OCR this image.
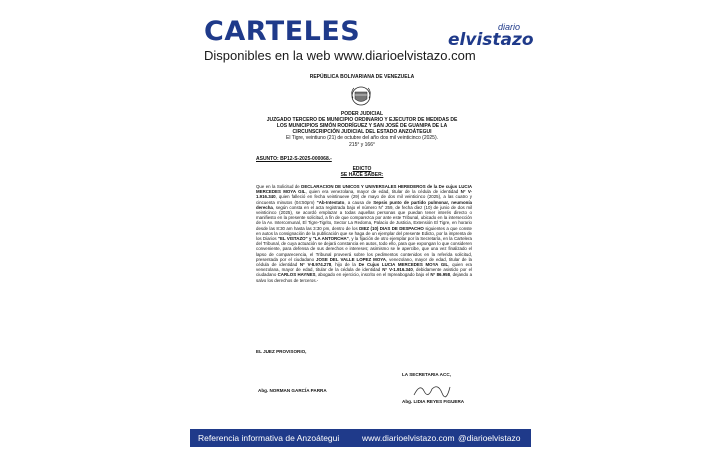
CARTELES
Disponibles en la web www.diarioelvistazo.com
diario
elvistazo
REPÚBLICA BOLIVARIANA DE VENEZUELA
PODER JUDICIAL
JUZGADO TERCERO DE MUNICIPIO ORDINARIO Y EJECUTOR DE MEDIDAS DE
LOS MUNICIPIOS SIMÓN RODRÍGUEZ Y SAN JOSÉ DE GUANIPA DE LA
CIRCUNSCRIPCIÓN JUDICIAL DEL ESTADO ANZOÁTEGUI
El Tigre, veintiuno (21) de octubre del año dos mil veinticinco (2025).
215° y 166°
ASUNTO: BP12-S-2025-000068.-
EDICTO
SE HACE SABER:
Que en la Solicitud de DECLARACION DE UNICOS Y UNIVERSALES HEREDEROS de la De cujus LUCIA MERCEDES MOYA GIL, quien era venezolana, mayor de edad, titular de la cédula de identidad N° V-1.916.340, quien falleció en fecha veintinueve (29) de mayo de dos mil veinticinco (2025), a las cuatro y cincuenta minutos (04:50pm) "Ab-Intestato, a causa de Sepsis punto de partido pulmonar, neumonía derecha, según consta en el acta registrada bajo el número N° 259, de fecha diez (10) de junio de dos mil veinticinco (2025), se acordó emplazar a todas aquellas personas que puedan tener interés directo o manifiesto en la presente solicitud, a fin de que comparezca por ante este Tribunal, ubicado en la intersección de la Av. Intercomunal, El Tigre-Tigrito, Sector La Redoma, Palacio de Justicia, Extensión El Tigre, en horario desde las 8:30 am hasta las 3:30 pm, dentro de los DIEZ (10) DIAS DE DESPACHO siguientes a que conste en autos la consignación de la publicación que se haga de un ejemplar del presente Edicto, por la imprenta de los Diarios "EL VISTAZO" y "LA ANTORCHA", y la fijación de otro ejemplar por la Secretaría, en la Cartelera del Tribunal, de cuya actuación se dejará constancia en autos, todo ello, para que expongan lo que consideren conveniente, para defensa de sus derechos e intereses; asimismo se le apercibe, que una vez finalizado el lapso de comparecencia, el Tribunal proveerá sobre los pedimentos contenidos en la referida solicitud, presentada por el ciudadano JOSE DEL VALLE LOPEZ MOYA, venezolano, mayor de edad, titular de la cédula de identidad N° V-8.974.278, hijo de la De Cujus LUCIA MERCEDES MOYA GIL, quien era venezolana, mayor de edad, titular de la cédula de identidad N° V-1.916.340, debidamente asistido por el ciudadano CARLOS HAYNES, abogado en ejercicio, inscrito en el Inpreabogado bajo el N° 86.958, dejando a salvo los derechos de terceros.-
EL JUEZ PROVISORIO,
Abg. NORMAN GARCÍA PARRA
LA SECRETARIA ACC,
Abg. LIDIA REYES FIGUERA
Referencia informativa de Anzoátegui	www.diarioelvistazo.com @diarioelvistazo
